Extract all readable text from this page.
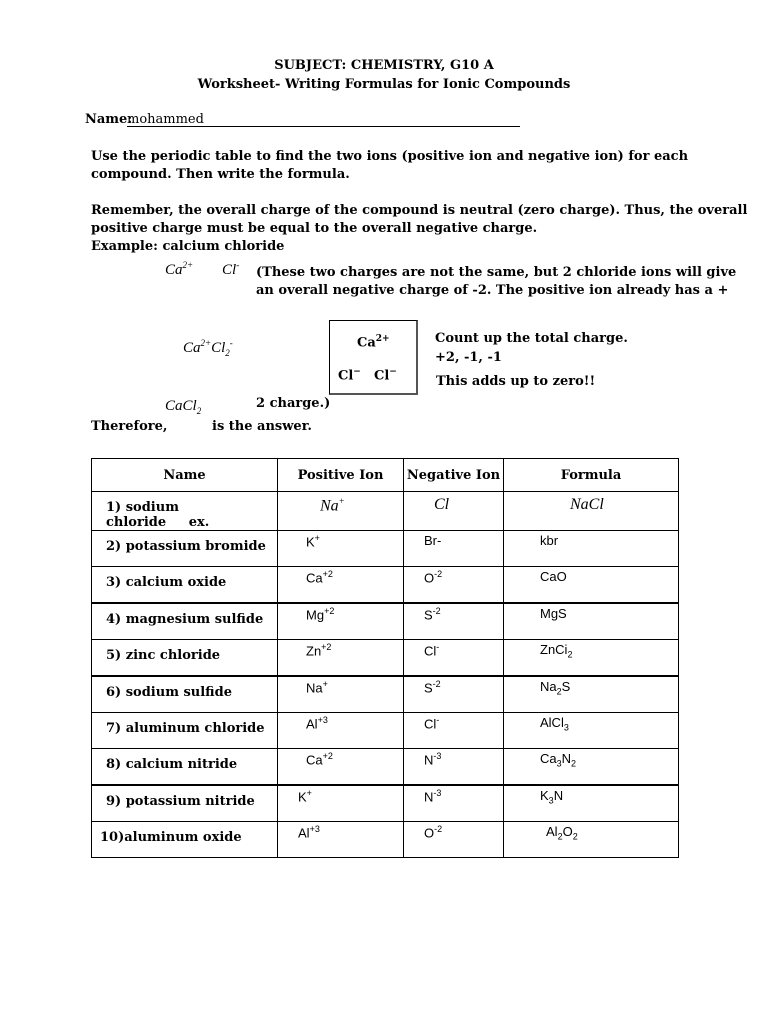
SUBJECT: CHEMISTRY, G10 A
Worksheet- Writing Formulas for Ionic Compounds
Name:
mohammed
Use the periodic table to find the two ions (positive ion and negative ion) for each
compound. Then write the formula.
Remember, the overall charge of the compound is neutral (zero charge). Thus, the overall
positive charge must be equal to the overall negative charge.
Example: calcium chloride
$Ca^{2+}$ Cl- (These two charges are not the same, but 2 chloride ions will give
an overall negative charge of -2. The positive ion already has a +
$Ca^{2+}Cl_2^-$	$Ca^{2+}$
Cl− Cl−
Count up the total charge.
+2, -1, -1
This adds up to zero!!
CaCl$_2$	2 charge.)
Therefore,	is the answer.
Name	Positive Ion	Negative Ion	Formula
1) sodium chloride ex.	Na+	Cl	NaCl

2) potassium bromide	K+	Br-	kbr

3) calcium oxide	$Ca^{+2}$	$O^{-2}$	CaO

4) magnesium sulfide	$Mg^{+2}$	$S^{-2}$	MgS

5) zinc chloride	$Zn^{+2}$	Cl-	ZnCi$_2$

6) sodium sulfide	Na+	$S^{-2}$	$Na_2S$

7) aluminum chloride	$Al^{+3}$	Cl-	AlCl$_3$

8) calcium nitride	$Ca^{+2}$	$N^{-3}$	$Ca_3N_2$

9) potassium nitride	K+	$N^{-3}$	$K_3N$

10)aluminum oxide	$Al^{+3}$	$O^{-2}$	$Al_2O_2$
